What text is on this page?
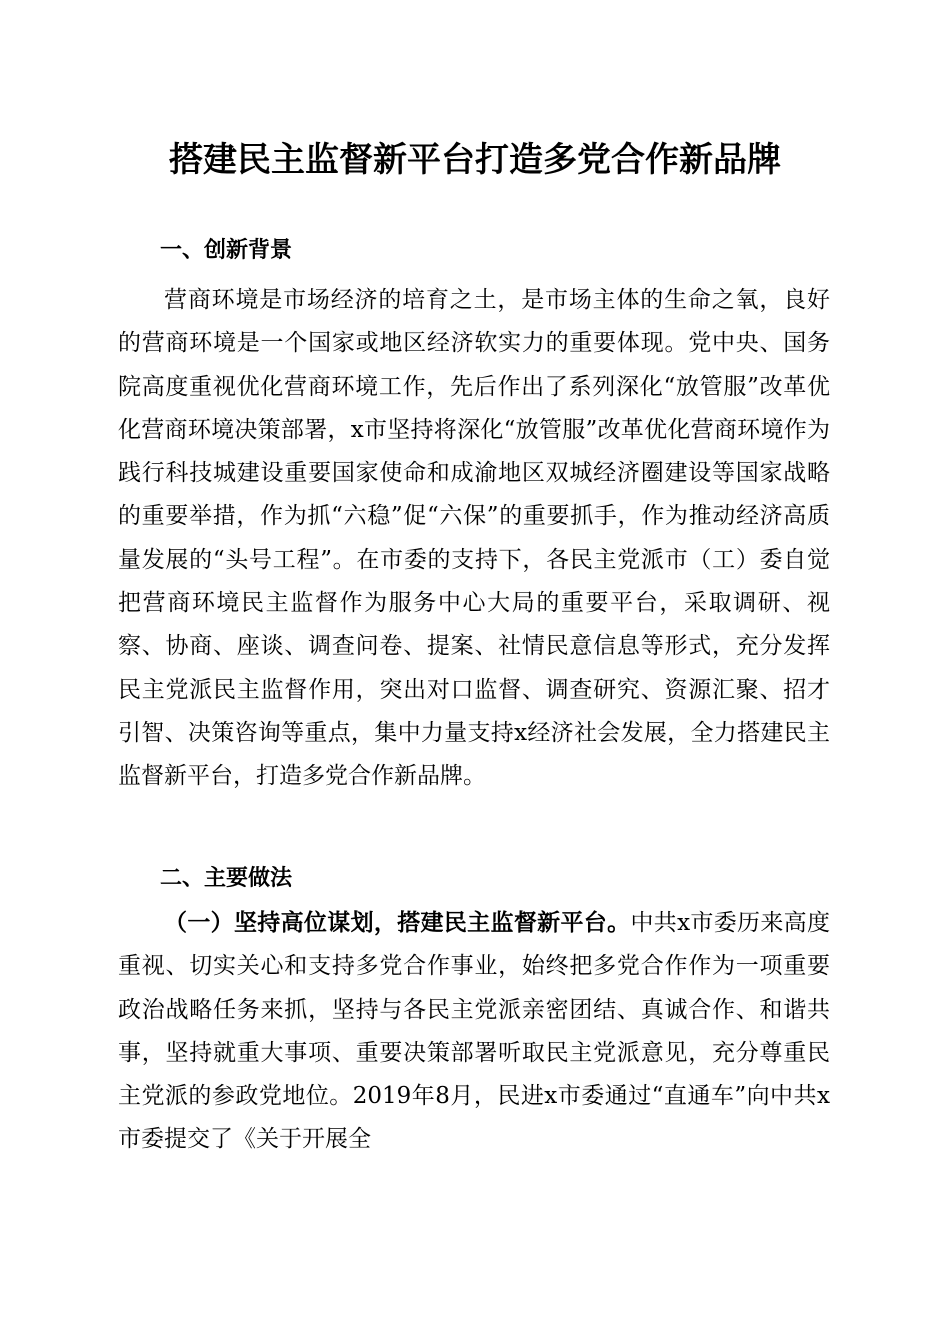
搭建民主监督新平台打造多党合作新品牌
一、创新背景

营商环境是市场经济的培育之土，是市场主体的生命之氧，良好的营商环境是一个国家或地区经济软实力的重要体现。党中央、国务院高度重视优化营商环境工作，先后作出了系列深化“放管服”改革优化营商环境决策部署，x市坚持将深化“放管服”改革优化营商环境作为践行科技城建设重要国家使命和成渝地区双城经济圈建设等国家战略的重要举措，作为抓“六稳”促“六保”的重要抓手，作为推动经济高质量发展的“头号工程”。在市委的支持下，各民主党派市（工）委自觉把营商环境民主监督作为服务中心大局的重要平台，采取调研、视察、协商、座谈、调查问卷、提案、社情民意信息等形式，充分发挥民主党派民主监督作用，突出对口监督、调查研究、资源汇聚、招才引智、决策咨询等重点，集中力量支持x经济社会发展，全力搭建民主监督新平台，打造多党合作新品牌。

二、主要做法

（一）坚持高位谋划，搭建民主监督新平台。中共x市委历来高度重视、切实关心和支持多党合作事业，始终把多党合作作为一项重要政治战略任务来抓，坚持与各民主党派亲密团结、真诚合作、和谐共事，坚持就重大事项、重要决策部署听取民主党派意见，充分尊重民主党派的参政党地位。2019年8月，民进x市委通过“直通车”向中共x市委提交了《关于开展全
